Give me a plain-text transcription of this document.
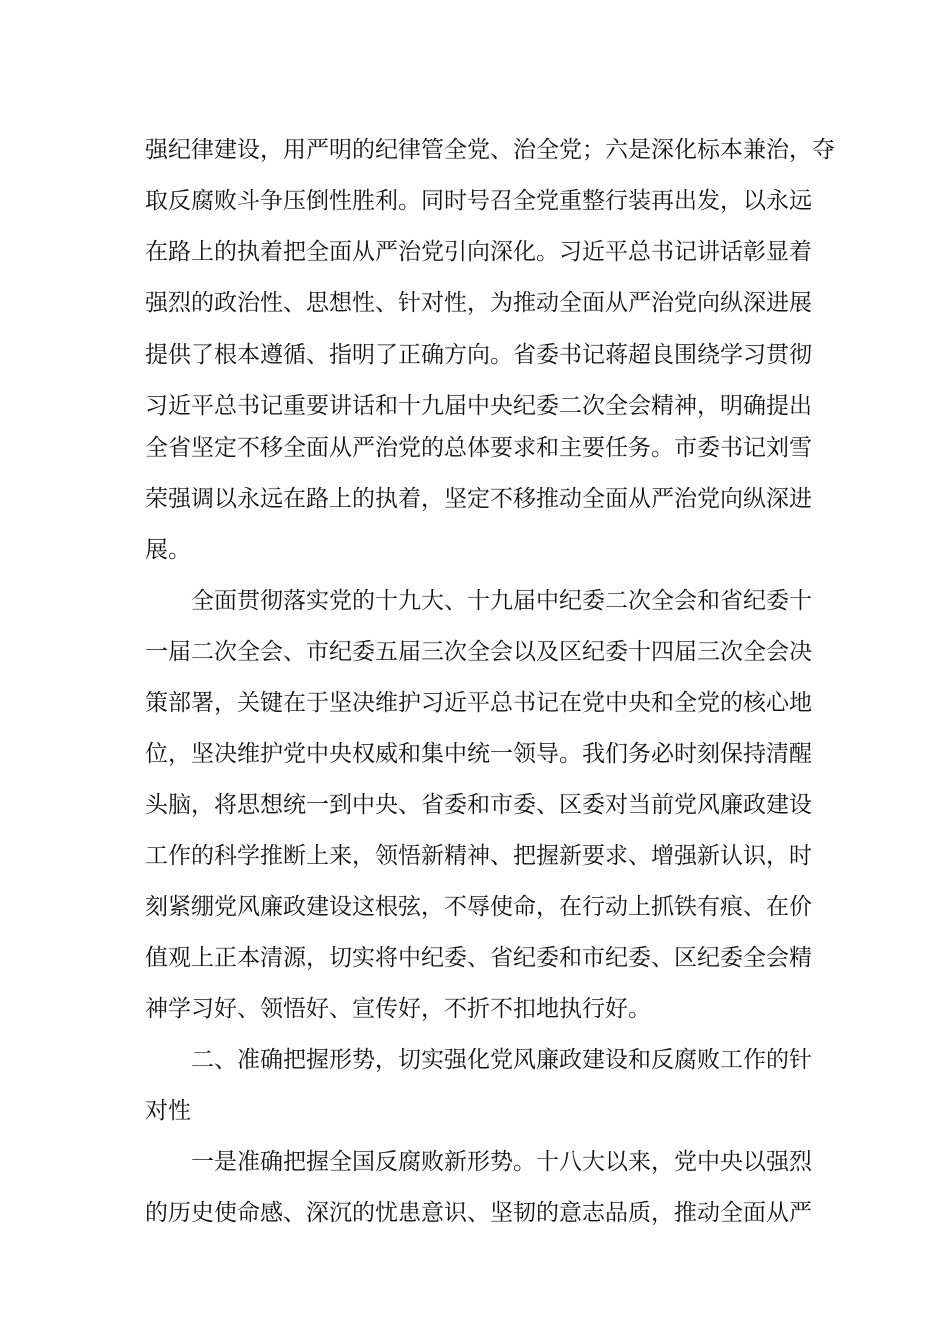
强纪律建设，用严明的纪律管全党、治全党；六是深化标本兼治，夺
取反腐败斗争压倒性胜利。同时号召全党重整行装再出发，以永远
在路上的执着把全面从严治党引向深化。习近平总书记讲话彰显着
强烈的政治性、思想性、针对性，为推动全面从严治党向纵深进展
提供了根本遵循、指明了正确方向。省委书记蒋超良围绕学习贯彻
习近平总书记重要讲话和十九届中央纪委二次全会精神，明确提出
全省坚定不移全面从严治党的总体要求和主要任务。市委书记刘雪
荣强调以永远在路上的执着，坚定不移推动全面从严治党向纵深进
展。
全面贯彻落实党的十九大、十九届中纪委二次全会和省纪委十
一届二次全会、市纪委五届三次全会以及区纪委十四届三次全会决
策部署，关键在于坚决维护习近平总书记在党中央和全党的核心地
位，坚决维护党中央权威和集中统一领导。我们务必时刻保持清醒
头脑，将思想统一到中央、省委和市委、区委对当前党风廉政建设
工作的科学推断上来，领悟新精神、把握新要求、增强新认识，时
刻紧绷党风廉政建设这根弦，不辱使命，在行动上抓铁有痕、在价
值观上正本清源，切实将中纪委、省纪委和市纪委、区纪委全会精
神学习好、领悟好、宣传好，不折不扣地执行好。
二、准确把握形势，切实强化党风廉政建设和反腐败工作的针
对性
一是准确把握全国反腐败新形势。十八大以来，党中央以强烈
的历史使命感、深沉的忧患意识、坚韧的意志品质，推动全面从严
